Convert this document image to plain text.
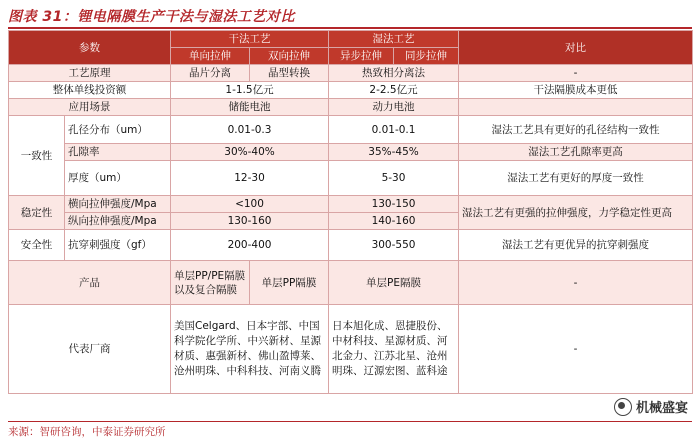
图表 31：锂电隔膜生产干法与湿法工艺对比
参数		干法工艺		湿法工艺		对比
		单向拉伸	双向拉伸	异步拉伸	同步拉伸	
工艺原理		晶片分离	晶型转换	热致相分离法		-
整体单线投资额		1-1.5亿元		2-2.5亿元		干法隔膜成本更低
应用场景		储能电池		动力电池		
一致性	孔径分布（um）	0.01-0.3		0.01-0.1		湿法工艺具有更好的孔径结构一致性
	孔隙率	30%-40%		35%-45%		湿法工艺孔隙率更高
	厚度（um）	12-30		5-30		湿法工艺有更好的厚度一致性
稳定性	横向拉伸强度/Mpa	<100		130-150		湿法工艺有更强的拉伸强度，力学稳定性更高
	纵向拉伸强度/Mpa	130-160		140-160		
安全性	抗穿刺强度（gf）	200-400		300-550		湿法工艺有更优异的抗穿刺强度
产品		单层PP/PE隔膜以及复合隔膜	单层PP隔膜	单层PE隔膜		-
代表厂商		美国Celgard、日本宇部、中国科学院化学所、中兴新材、星源材质、惠强新材、佛山盈博莱、沧州明珠、中科科技、河南义腾		日本旭化成、恩捷股份、中材科技、星源材质、河北金力、江苏北星、沧州明珠、辽源宏图、蓝科途		-
机械盛宴
来源：智研咨询，中泰证券研究所
